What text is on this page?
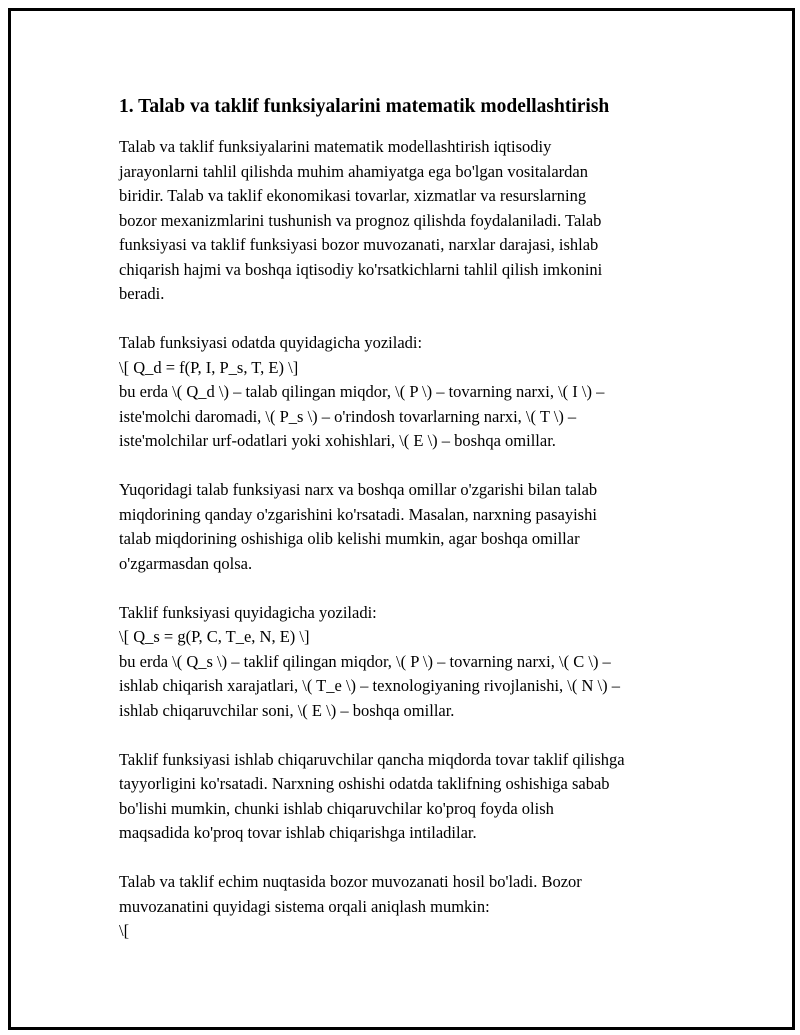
1. Talab va taklif funksiyalarini matematik modellashtirish

Talab va taklif funksiyalarini matematik modellashtirish iqtisodiy
jarayonlarni tahlil qilishda muhim ahamiyatga ega bo'lgan vositalardan
biridir. Talab va taklif ekonomikasi tovarlar, xizmatlar va resurslarning
bozor mexanizmlarini tushunish va prognoz qilishda foydalaniladi. Talab
funksiyasi va taklif funksiyasi bozor muvozanati, narxlar darajasi, ishlab
chiqarish hajmi va boshqa iqtisodiy ko'rsatkichlarni tahlil qilish imkonini
beradi.

Talab funksiyasi odatda quyidagicha yoziladi:
\[ Q_d = f(P, I, P_s, T, E) \]
bu erda \( Q_d \) – talab qilingan miqdor, \( P \) – tovarning narxi, \( I \) –
iste'molchi daromadi, \( P_s \) – o'rindosh tovarlarning narxi, \( T \) –
iste'molchilar urf-odatlari yoki xohishlari, \( E \) – boshqa omillar.

Yuqoridagi talab funksiyasi narx va boshqa omillar o'zgarishi bilan talab
miqdorining qanday o'zgarishini ko'rsatadi. Masalan, narxning pasayishi
talab miqdorining oshishiga olib kelishi mumkin, agar boshqa omillar
o'zgarmasdan qolsa.

Taklif funksiyasi quyidagicha yoziladi:
\[ Q_s = g(P, C, T_e, N, E) \]
bu erda \( Q_s \) – taklif qilingan miqdor, \( P \) – tovarning narxi, \( C \) –
ishlab chiqarish xarajatlari, \( T_e \) – texnologiyaning rivojlanishi, \( N \) –
ishlab chiqaruvchilar soni, \( E \) – boshqa omillar.

Taklif funksiyasi ishlab chiqaruvchilar qancha miqdorda tovar taklif qilishga
tayyorligini ko'rsatadi. Narxning oshishi odatda taklifning oshishiga sabab
bo'lishi mumkin, chunki ishlab chiqaruvchilar ko'proq foyda olish
maqsadida ko'proq tovar ishlab chiqarishga intiladilar.

Talab va taklif echim nuqtasida bozor muvozanati hosil bo'ladi. Bozor
muvozanatini quyidagi sistema orqali aniqlash mumkin:
\[
